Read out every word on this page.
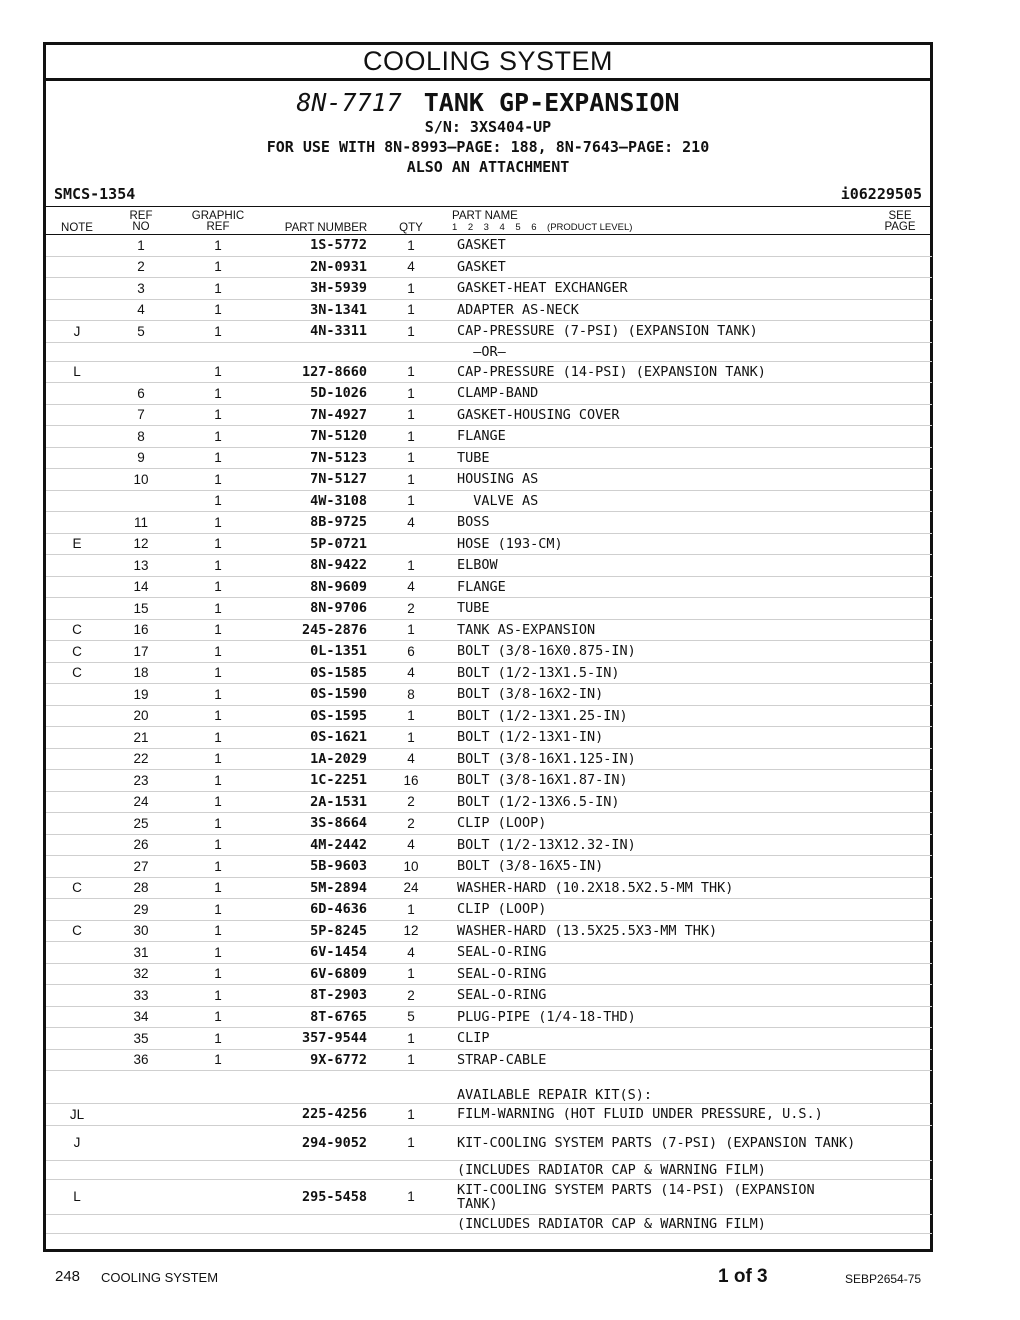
COOLING SYSTEM
8N-7717 TANK GP-EXPANSION
S/N: 3XS404-UP
FOR USE WITH 8N-8993—PAGE: 188, 8N-7643—PAGE: 210
ALSO AN ATTACHMENT
SMCS-1354	i06229505
NOTE
REF
NO
GRAPHIC
REF	PART NUMBER	QTY
PART NAME
1    2    3    4    5    6    (PRODUCT LEVEL)
SEE
PAGE
	1	1	1S-5772	1	GASKET	
	2	1	2N-0931	4	GASKET	
	3	1	3H-5939	1	GASKET-HEAT EXCHANGER	
	4	1	3N-1341	1	ADAPTER AS-NECK	
J	5	1	4N-3311	1	CAP-PRESSURE (7-PSI) (EXPANSION TANK)	
					—OR—	
L		1	127-8660	1	CAP-PRESSURE (14-PSI) (EXPANSION TANK)	
	6	1	5D-1026	1	CLAMP-BAND	
	7	1	7N-4927	1	GASKET-HOUSING COVER	
	8	1	7N-5120	1	FLANGE	
	9	1	7N-5123	1	TUBE	
	10	1	7N-5127	1	HOUSING AS	
		1	4W-3108	1	VALVE AS	
	11	1	8B-9725	4	BOSS	
E	12	1	5P-0721		HOSE (193-CM)	
	13	1	8N-9422	1	ELBOW	
	14	1	8N-9609	4	FLANGE	
	15	1	8N-9706	2	TUBE	
C	16	1	245-2876	1	TANK AS-EXPANSION	
C	17	1	0L-1351	6	BOLT (3/8-16X0.875-IN)	
C	18	1	0S-1585	4	BOLT (1/2-13X1.5-IN)	
	19	1	0S-1590	8	BOLT (3/8-16X2-IN)	
	20	1	0S-1595	1	BOLT (1/2-13X1.25-IN)	
	21	1	0S-1621	1	BOLT (1/2-13X1-IN)	
	22	1	1A-2029	4	BOLT (3/8-16X1.125-IN)	
	23	1	1C-2251	16	BOLT (3/8-16X1.87-IN)	
	24	1	2A-1531	2	BOLT (1/2-13X6.5-IN)	
	25	1	3S-8664	2	CLIP (LOOP)	
	26	1	4M-2442	4	BOLT (1/2-13X12.32-IN)	
	27	1	5B-9603	10	BOLT (3/8-16X5-IN)	
C	28	1	5M-2894	24	WASHER-HARD (10.2X18.5X2.5-MM THK)	
	29	1	6D-4636	1	CLIP (LOOP)	
C	30	1	5P-8245	12	WASHER-HARD (13.5X25.5X3-MM THK)	
	31	1	6V-1454	4	SEAL-O-RING	
	32	1	6V-6809	1	SEAL-O-RING	
	33	1	8T-2903	2	SEAL-O-RING	
	34	1	8T-6765	5	PLUG-PIPE (1/4-18-THD)	
	35	1	357-9544	1	CLIP	
	36	1	9X-6772	1	STRAP-CABLE	
					AVAILABLE REPAIR KIT(S):	
JL			225-4256	1	FILM-WARNING (HOT FLUID UNDER PRESSURE, U.S.)	
J			294-9052	1	KIT-COOLING SYSTEM PARTS (7-PSI) (EXPANSION TANK)	
					(INCLUDES RADIATOR CAP & WARNING FILM)	
L			295-5458	1	KIT-COOLING SYSTEM PARTS (14-PSI) (EXPANSION TANK)	
					(INCLUDES RADIATOR CAP & WARNING FILM)	
248 COOLING SYSTEM	1 of 3	SEBP2654-75
